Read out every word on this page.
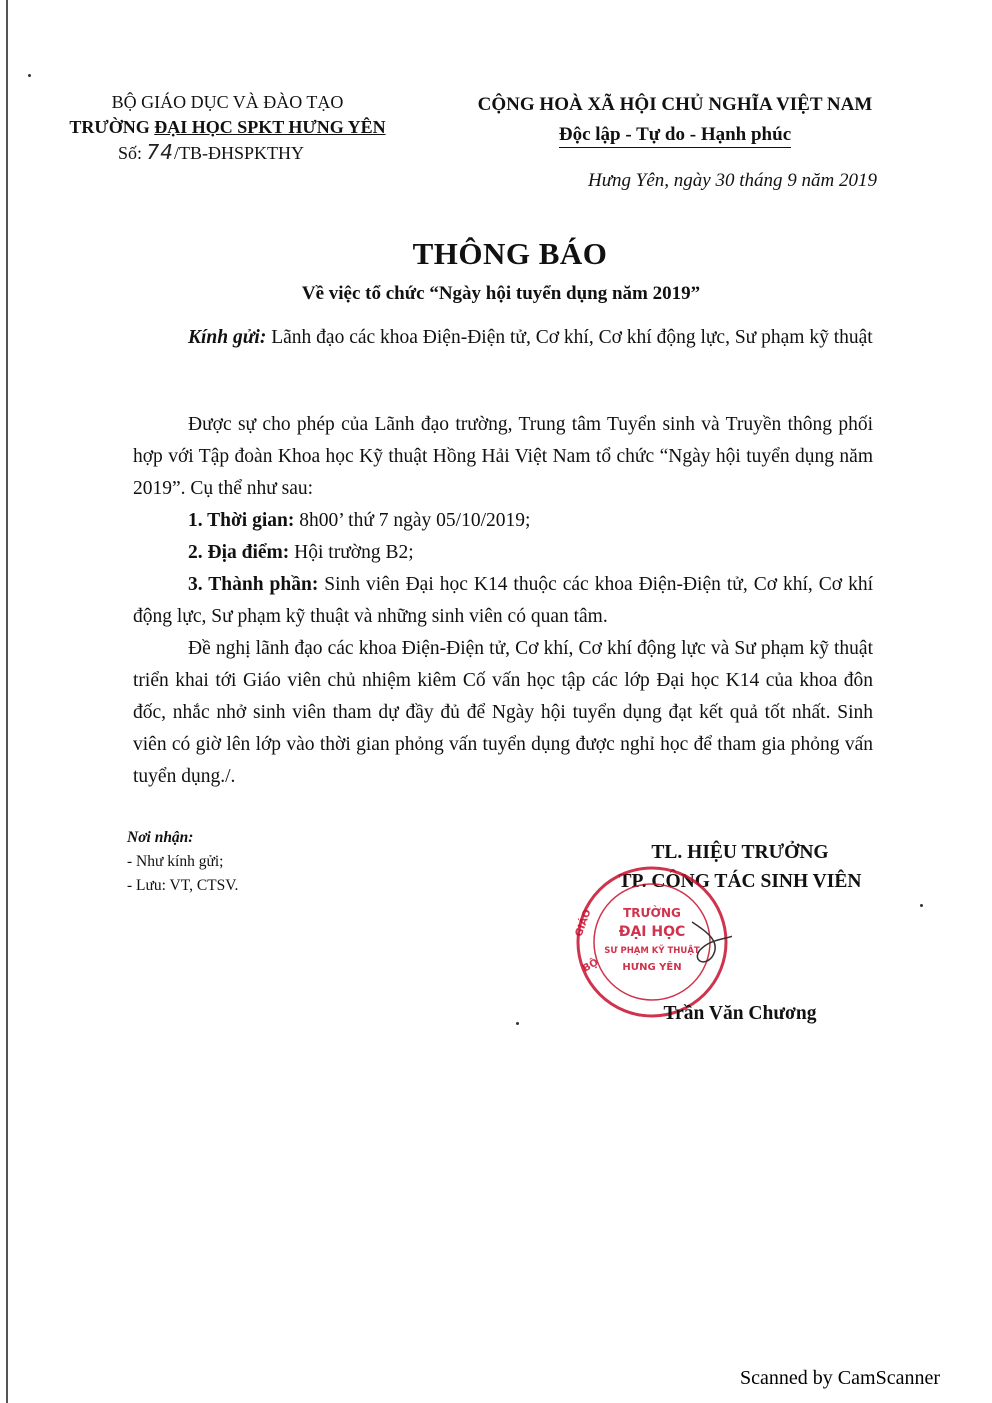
BỘ GIÁO DỤC VÀ ĐÀO TẠO
TRƯỜNG ĐẠI HỌC SPKT HƯNG YÊN
Số: 74/TB-ĐHSPKTHY
CỘNG HOÀ XÃ HỘI CHỦ NGHĨA VIỆT NAM
Độc lập - Tự do - Hạnh phúc
Hưng Yên, ngày 30 tháng 9 năm 2019
THÔNG BÁO
Về việc tổ chức “Ngày hội tuyển dụng năm 2019”

Kính gửi: Lãnh đạo các khoa Điện-Điện tử, Cơ khí, Cơ khí động lực, Sư phạm kỹ thuật

Được sự cho phép của Lãnh đạo trường, Trung tâm Tuyển sinh và Truyền thông phối hợp với Tập đoàn Khoa học Kỹ thuật Hồng Hải Việt Nam tổ chức “Ngày hội tuyển dụng năm 2019”. Cụ thể như sau:

1. Thời gian: 8h00’ thứ 7 ngày 05/10/2019;

2. Địa điểm: Hội trường B2;

3. Thành phần: Sinh viên Đại học K14 thuộc các khoa Điện-Điện tử, Cơ khí, Cơ khí động lực, Sư phạm kỹ thuật và những sinh viên có quan tâm.

Đề nghị lãnh đạo các khoa Điện-Điện tử, Cơ khí, Cơ khí động lực và Sư phạm kỹ thuật triển khai tới Giáo viên chủ nhiệm kiêm Cố vấn học tập các lớp Đại học K14 của khoa đôn đốc, nhắc nhở sinh viên tham dự đầy đủ để Ngày hội tuyển dụng đạt kết quả tốt nhất. Sinh viên có giờ lên lớp vào thời gian phỏng vấn tuyển dụng được nghỉ học để tham gia phỏng vấn tuyển dụng./.

Nơi nhận:
- Như kính gửi;
- Lưu: VT, CTSV.
TL. HIỆU TRƯỞNG
TP. CÔNG TÁC SINH VIÊN
TRƯỜNG
ĐẠI HỌC
SƯ PHẠM KỸ THUẬT
HƯNG YÊN
GIÁO
BỘ
Trần Văn Chương
Scanned by CamScanner
